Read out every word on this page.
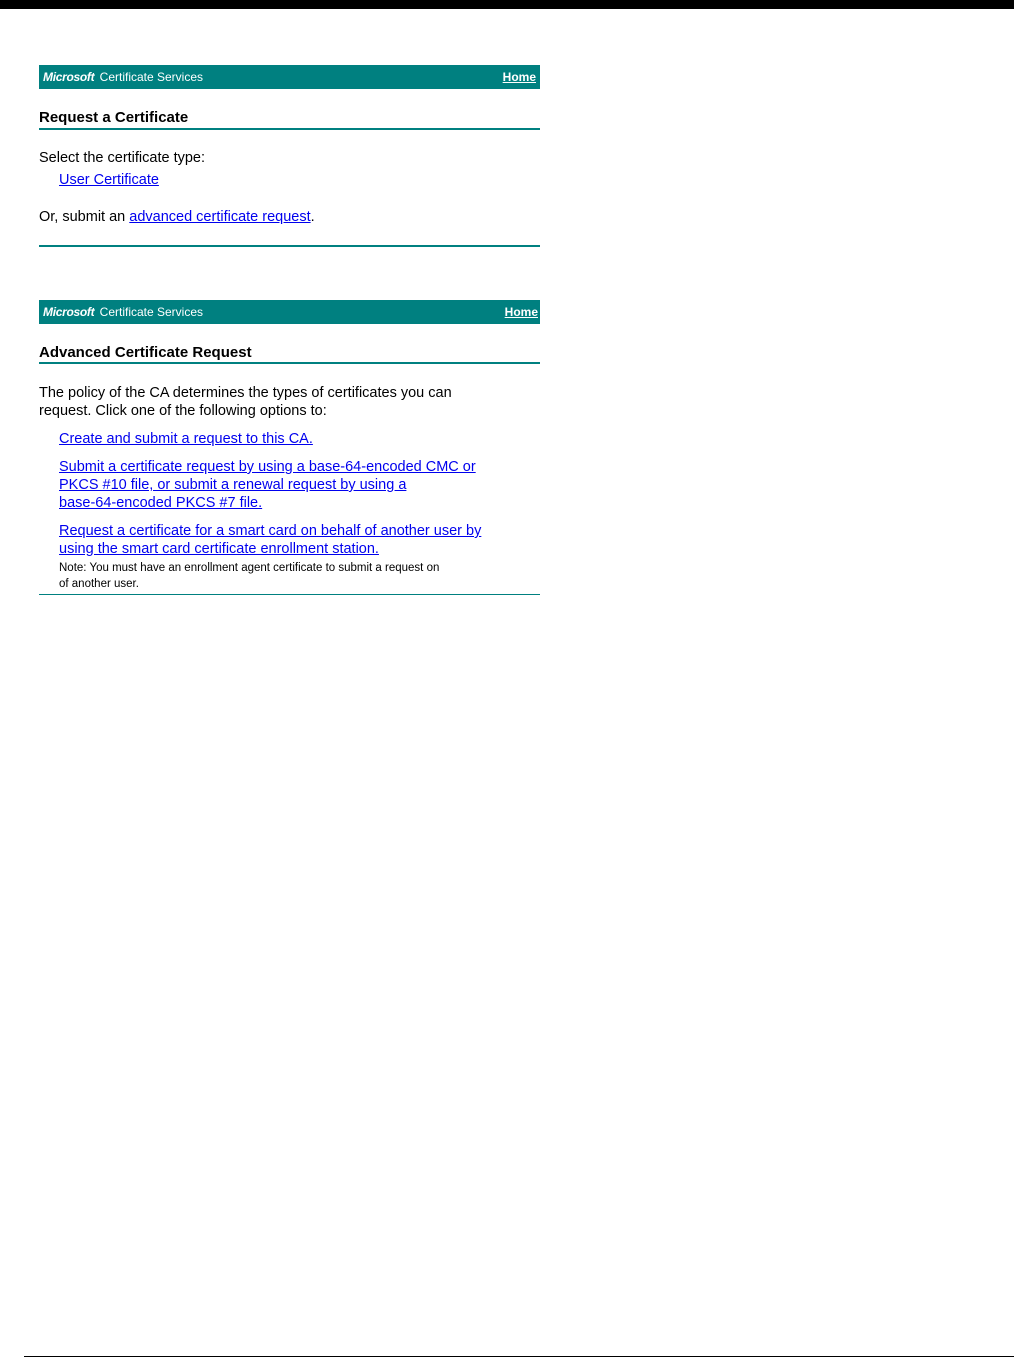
Microsoft Certificate Services	Home
Request a Certificate
Select the certificate type:
User Certificate
Or, submit an advanced certificate request.
Microsoft Certificate Services	Home
Advanced Certificate Request
The policy of the CA determines the types of certificates you can
request. Click one of the following options to:
Create and submit a request to this CA.
Submit a certificate request by using a base-64-encoded CMC or
PKCS #10 file, or submit a renewal request by using a
base-64-encoded PKCS #7 file.
Request a certificate for a smart card on behalf of another user by
using the smart card certificate enrollment station.
Note: You must have an enrollment agent certificate to submit a request on
of another user.
